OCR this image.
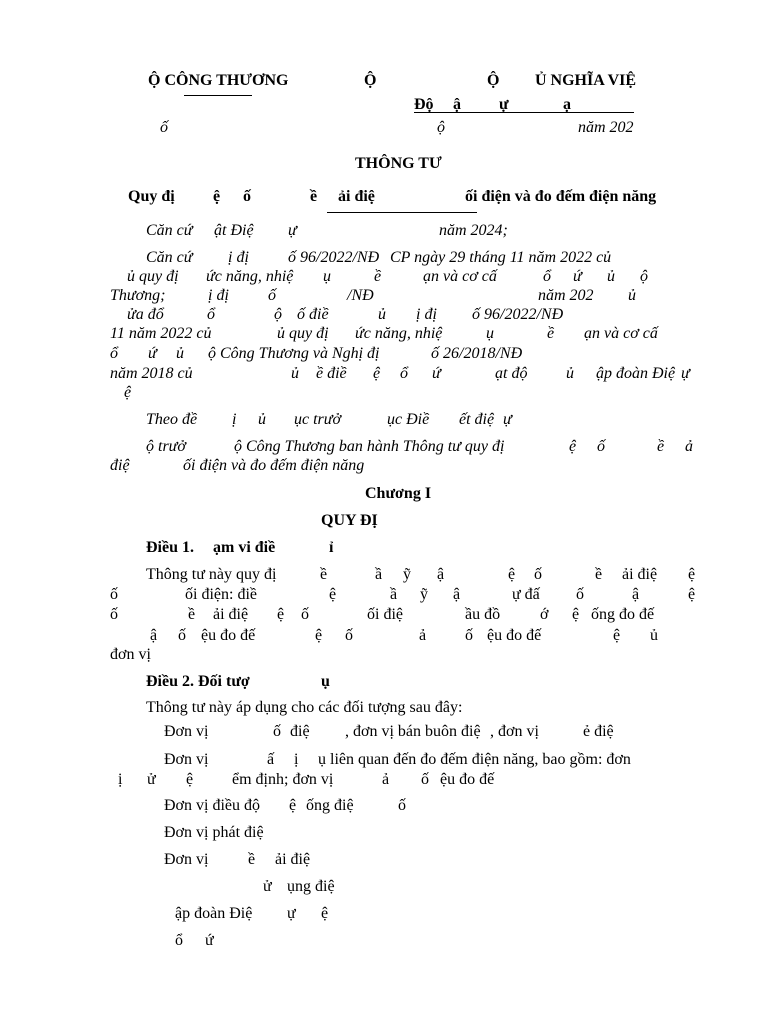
Ộ CÔNG THƯƠNG	Ộ	Ộ Ủ NGHĨA VIỆ
Độ ậ ự	ạ
ố	ộ	năm 202
THÔNG TƯ
Quy đị ệ ố	ề ải điệ	ối điện và đo đếm điện năng
Căn cứ ật Điệ ự	năm 2024;
Căn cứ ị đị ố 96/2022/NĐ CP ngày 29 tháng 11 năm 2022 củ
ủ quy đị ức năng, nhiệ ụ	ề	ạn và cơ cấ	ổ ứ ủ ộ
Thương;	ị đị ố	/NĐ	năm 202 ủ
ửa đổ	ổ	ộ ố điề	ủ ị đị ố 96/2022/NĐ
11 năm 2022 củ	ủ quy đị ức năng, nhiệ	ụ	ề ạn và cơ cấ
ổ ứ ủ ộ Công Thương và Nghị đị	ố 26/2018/NĐ
năm 2018 củ	ủ ề điề ệ ổ ứ	ạt độ ủ ập đoàn Điệ ự
ệ
Theo đề ị ủ ục trưở	ục Điề ết điệ ự
ộ trưở	ộ Công Thương ban hành Thông tư quy đị	ệ ố	ề ả
điệ	ối điện và đo đếm điện năng
Chương I
QUY ĐỊ
Điều 1. ạm vi điề	ỉ
Thông tư này quy đị	ề	ầ ỹ ậ	ệ ố	ề ải điệ ệ
ố	ối điện: điề	ệ	ầ ỹ ậ	ự đấ ố	ậ	ệ
ố	ề ải điệ ệ ố	ối điệ	ầu đồ ớ ệ ống đo đế
ậ ố ệu đo đế	ệ ố	ả ố ệu đo đế	ệ ủ
đơn vị
Điều 2. Đối tượ	ụ
Thông tư này áp dụng cho các đối tượng sau đây:
Đơn vị	ố điệ , đơn vị bán buôn điệ , đơn vị	ẻ điệ
Đơn vị	ấ ị ụ liên quan đến đo đếm điện năng, bao gồm: đơn
ị ử ệ ểm định; đơn vị	ả ố ệu đo đế
Đơn vị điều độ ệ ống điệ	ố
Đơn vị phát điệ
Đơn vị ề ải điệ
ử ụng điệ
ập đoàn Điệ ự ệ
ổ ứ
